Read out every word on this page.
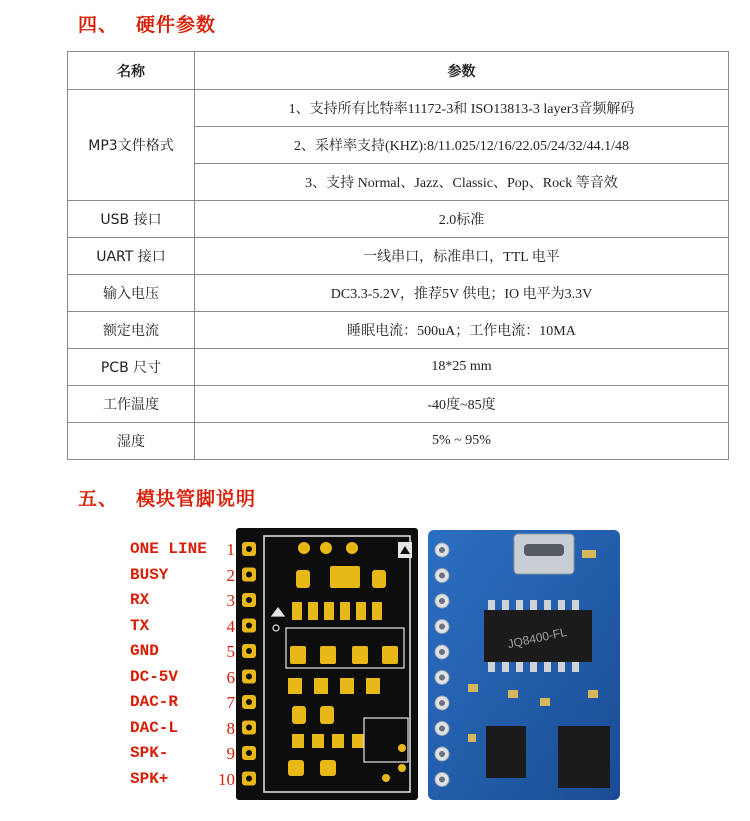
四、 硬件参数
名称	参数
MP3文件格式	1、支持所有比特率11172-3和 ISO13813-3 layer3音频解码
	2、采样率支持(KHZ):8/11.025/12/16/22.05/24/32/44.1/48
	3、支持 Normal、Jazz、Classic、Pop、Rock 等音效
USB 接口	2.0标准
UART 接口	一线串口，标准串口，TTL 电平
输入电压	DC3.3-5.2V，推荐5V 供电；IO 电平为3.3V
额定电流	睡眠电流：500uA；工作电流：10MA
PCB 尺寸	18*25 mm
工作温度	-40度~85度
湿度	5% ~ 95%
五、 模块管脚说明
ONE LINE 1
BUSY	2
RX	3
TX	4
GND	5
DC-5V	6
DAC-R	7
DAC-L	8
SPK-	9
SPK+	10
JQ8400-FL
